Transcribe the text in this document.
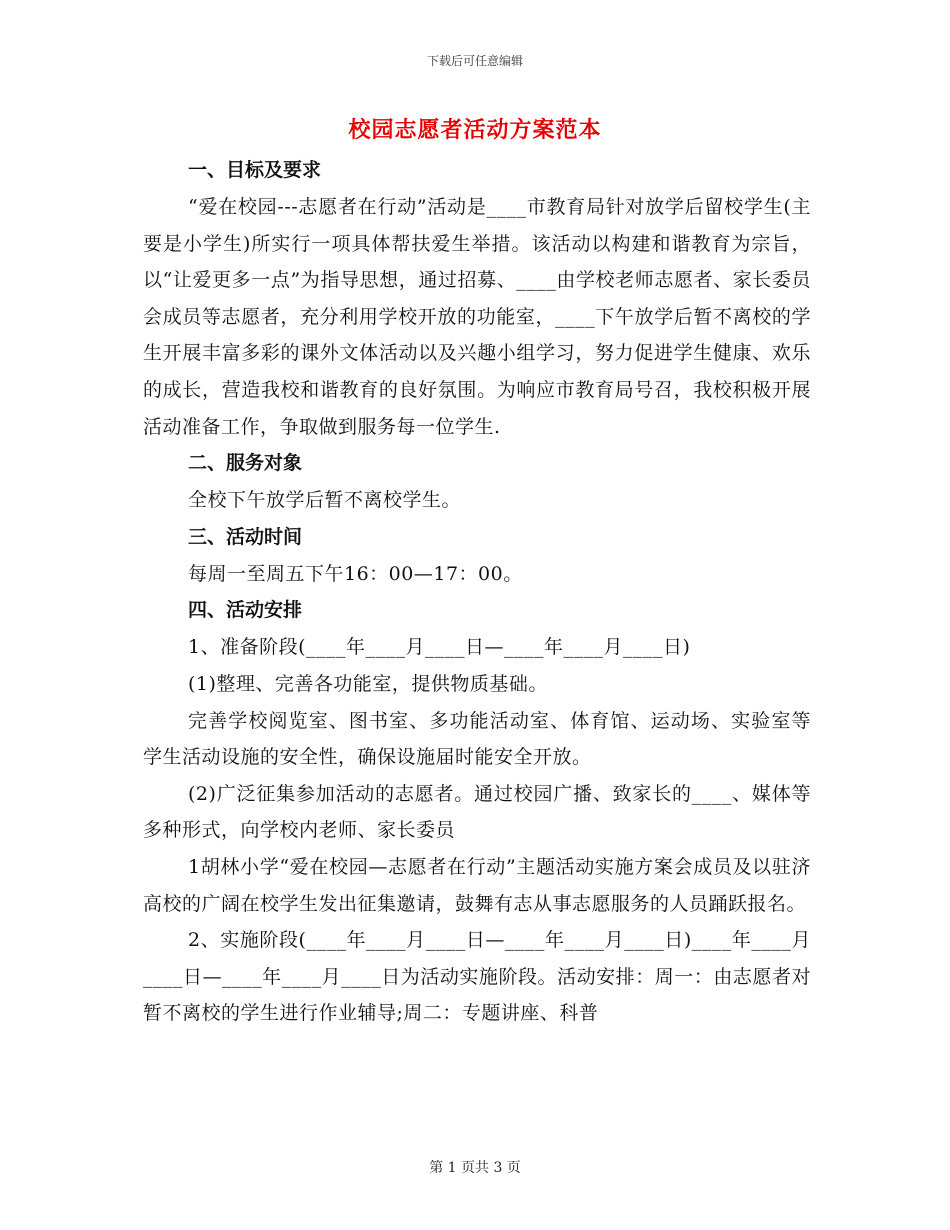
下载后可任意编辑
校园志愿者活动方案范本
一、目标及要求

“爱在校园---志愿者在行动”活动是____市教育局针对放学后留校学生(主要是小学生)所实行一项具体帮扶爱生举措。该活动以构建和谐教育为宗旨，以“让爱更多一点”为指导思想，通过招募、____由学校老师志愿者、家长委员会成员等志愿者，充分利用学校开放的功能室，____下午放学后暂不离校的学生开展丰富多彩的课外文体活动以及兴趣小组学习，努力促进学生健康、欢乐的成长，营造我校和谐教育的良好氛围。为响应市教育局号召，我校积极开展活动准备工作，争取做到服务每一位学生.

二、服务对象

全校下午放学后暂不离校学生。

三、活动时间

每周一至周五下午16：00—17：00。

四、活动安排

1、准备阶段(____年____月____日—____年____月____日)

(1)整理、完善各功能室，提供物质基础。

完善学校阅览室、图书室、多功能活动室、体育馆、运动场、实验室等学生活动设施的安全性，确保设施届时能安全开放。

(2)广泛征集参加活动的志愿者。通过校园广播、致家长的____、媒体等多种形式，向学校内老师、家长委员

1胡林小学“爱在校园—志愿者在行动”主题活动实施方案会成员及以驻济高校的广阔在校学生发出征集邀请，鼓舞有志从事志愿服务的人员踊跃报名。

2、实施阶段(____年____月____日—____年____月____日)____年____月____日—____年____月____日为活动实施阶段。活动安排：周一：由志愿者对暂不离校的学生进行作业辅导;周二：专题讲座、科普

第 1 页共 3 页
